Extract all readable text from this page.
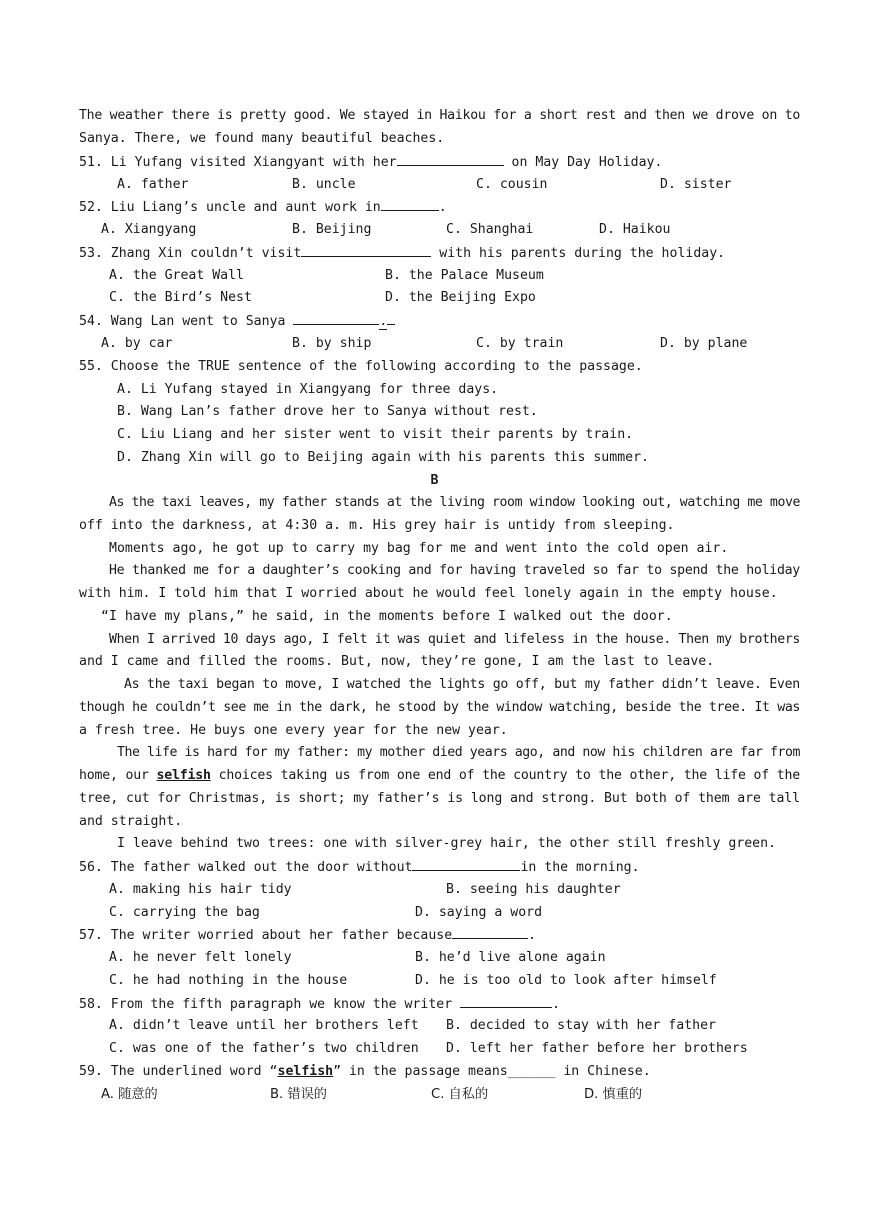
The weather there is pretty good. We stayed in Haikou for a short rest and then we drove on to
Sanya. There, we found many beautiful beaches.
51. Li Yufang visited Xiangyant with her	on May Day Holiday.
A. father	B. uncle	C. cousin	D. sister
52. Liu Liang’s uncle and aunt work in	.
A. Xiangyang	B. Beijing	C. Shanghai	D. Haikou
53. Zhang Xin couldn’t visit	with his parents during the holiday.
A. the Great Wall	B. the Palace Museum
C. the Bird’s Nest	D. the Beijing Expo
54. Wang Lan went to Sanya	.
A. by car	B. by ship	C. by train	D. by plane
55. Choose the TRUE sentence of the following according to the passage.
A. Li Yufang stayed in Xiangyang for three days.
B. Wang Lan’s father drove her to Sanya without rest.
C. Liu Liang and her sister went to visit their parents by train.
D. Zhang Xin will go to Beijing again with his parents this summer.
B
As the taxi leaves, my father stands at the living room window looking out, watching me move
off into the darkness, at 4:30 a. m. His grey hair is untidy from sleeping.
Moments ago, he got up to carry my bag for me and went into the cold open air.
He thanked me for a daughter’s cooking and for having traveled so far to spend the holiday
with him. I told him that I worried about he would feel lonely again in the empty house.
“I have my plans,” he said, in the moments before I walked out the door.
When I arrived 10 days ago, I felt it was quiet and lifeless in the house. Then my brothers
and I came and filled the rooms. But, now, they’re gone, I am the last to leave.
As the taxi began to move, I watched the lights go off, but my father didn’t leave. Even
though he couldn’t see me in the dark, he stood by the window watching, beside the tree. It was
a fresh tree. He buys one every year for the new year.
The life is hard for my father: my mother died years ago, and now his children are far from
home, our selfish choices taking us from one end of the country to the other, the life of the
tree, cut for Christmas, is short; my father’s is long and strong. But both of them are tall
and straight.
I leave behind two trees: one with silver-grey hair, the other still freshly green.
56. The father walked out the door without	in the morning.
A. making his hair tidy	B. seeing his daughter
C. carrying the bag	D. saying a word
57. The writer worried about her father because	.
A. he never felt lonely	B. he’d live alone again
C. he had nothing in the house	D. he is too old to look after himself
58. From the fifth paragraph we know the writer	.
A. didn’t leave until her brothers left B. decided to stay with her father
C. was one of the father’s two children D. left her father before her brothers
59. The underlined word “selfish” in the passage means______ in Chinese.
A. 随意的	B. 错误的	C. 自私的	D. 慎重的
